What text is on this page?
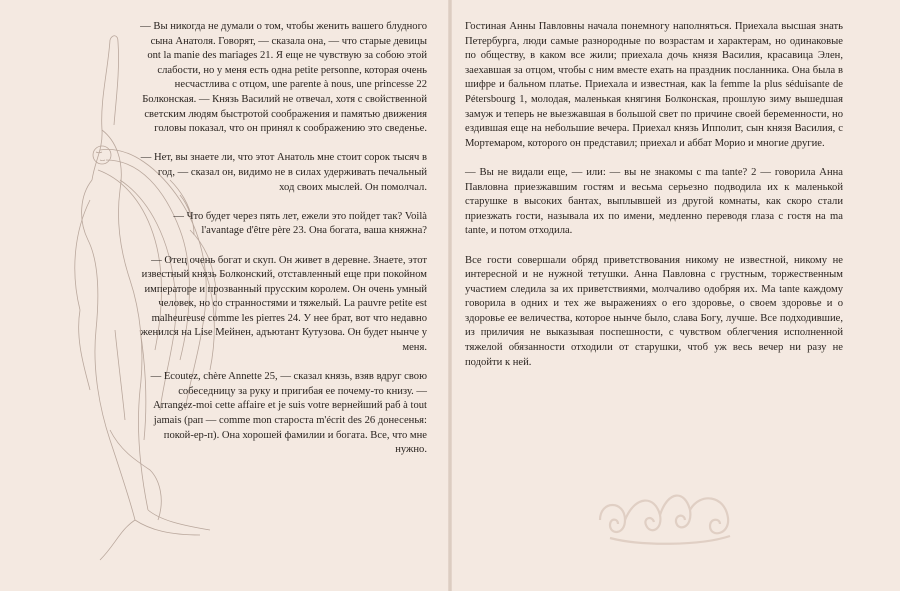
— Вы никогда не думали о том, чтобы женить вашего блудного сына Анатоля. Говорят, — сказала она, — что старые девицы ont la manie des mariages 21. Я еще не чувствую за собою этой слабости, но у меня есть одна petite personne, которая очень несчастлива с отцом, une parente à nous, une princesse 22 Болконская. — Князь Василий не отвечал, хотя с свойственной светским людям быстротой соображения и памятью движения головы показал, что он принял к соображению это сведенье.

— Нет, вы знаете ли, что этот Анатоль мне стоит сорок тысяч в год, — сказал он, видимо не в силах удерживать печальный ход своих мыслей. Он помолчал.

— Что будет через пять лет, ежели это пойдет так? Voilà l'avantage d'être père 23. Она богата, ваша княжна?

— Отец очень богат и скуп. Он живет в деревне. Знаете, этот известный князь Болконский, отставленный еще при покойном императоре и прозванный прусским королем. Он очень умный человек, но со странностями и тяжелый. La pauvre petite est malheureuse comme les pierres 24. У нее брат, вот что недавно женился на Lise Мейнен, адъютант Кутузова. Он будет нынче у меня.

— Ecoutez, chère Annette 25, — сказал князь, взяв вдруг свою собеседницу за руку и пригибая ее почему-то книзу. — Arrangez-moi cette affaire et je suis votre вернейший раб à tout jamais (рап — comme mon староста m'écrit des 26 донесенья: покой-ер-п). Она хорошей фамилии и богата. Все, что мне нужно.

Гостиная Анны Павловны начала понемногу наполняться. Приехала высшая знать Петербурга, люди самые разнородные по возрастам и характерам, но одинаковые по обществу, в каком все жили; приехала дочь князя Василия, красавица Элен, заехавшая за отцом, чтобы с ним вместе ехать на праздник посланника. Она была в шифре и бальном платье. Приехала и известная, как la femme la plus séduisante de Pétersbourg 1, молодая, маленькая княгиня Болконская, прошлую зиму вышедшая замуж и теперь не выезжавшая в большой свет по причине своей беременности, но ездившая еще на небольшие вечера. Приехал князь Ипполит, сын князя Василия, с Мортемаром, которого он представил; приехал и аббат Морио и многие другие.

— Вы не видали еще, — или: — вы не знакомы с ma tante? 2 — говорила Анна Павловна приезжавшим гостям и весьма серьезно подводила их к маленькой старушке в высоких бантах, выплывшей из другой комнаты, как скоро стали приезжать гости, называла их по имени, медленно переводя глаза с гостя на ma tante, и потом отходила.

Все гости совершали обряд приветствования никому не известной, никому не интересной и не нужной тетушки. Анна Павловна с грустным, торжественным участием следила за их приветствиями, молчаливо одобряя их. Ma tante каждому говорила в одних и тех же выражениях о его здоровье, о своем здоровье и о здоровье ее величества, которое нынче было, слава Богу, лучше. Все подходившие, из приличия не выказывая поспешности, с чувством облегчения исполненной тяжелой обязанности отходили от старушки, чтоб уж весь вечер ни разу не подойти к ней.
